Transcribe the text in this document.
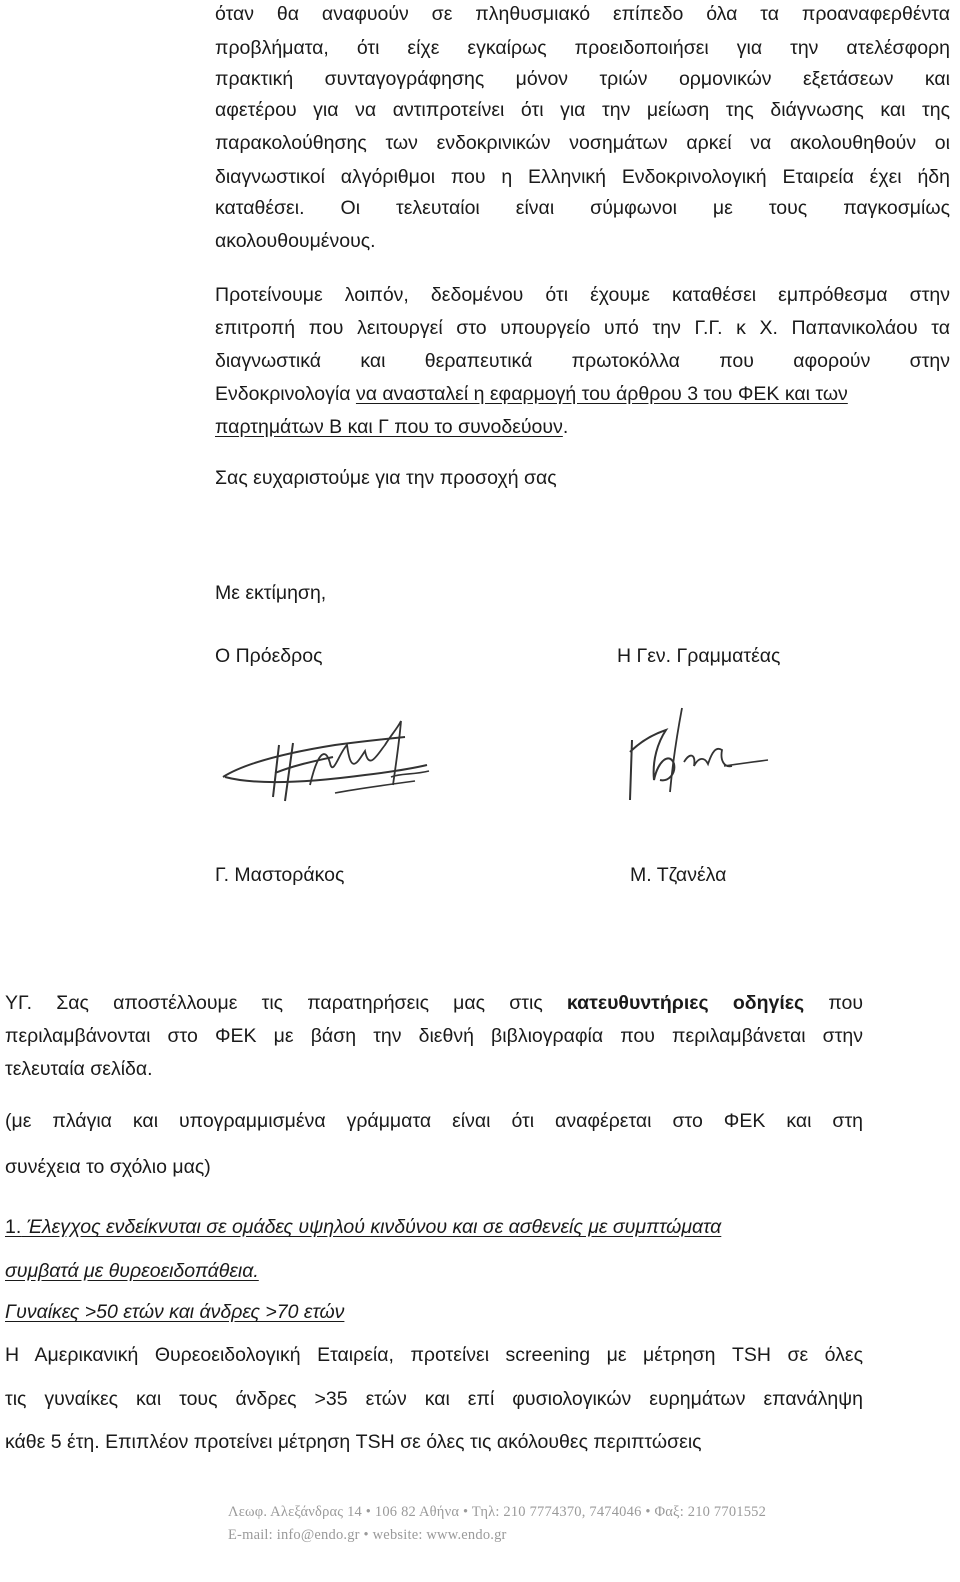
όταν θα αναφυούν σε πληθυσμιακό επίπεδο όλα τα προαναφερθέντα
προβλήματα, ότι είχε εγκαίρως προειδοποιήσει για την ατελέσφορη
πρακτική συνταγογράφησης μόνον τριών ορμονικών εξετάσεων και
αφετέρου για να αντιπροτείνει ότι για την μείωση της διάγνωσης και της
παρακολούθησης των ενδοκρινικών νοσημάτων αρκεί να ακολουθηθούν οι
διαγνωστικοί αλγόριθμοι που η Ελληνική Ενδοκρινολογική Εταιρεία έχει ήδη
καταθέσει. Οι τελευταίοι είναι σύμφωνοι με τους παγκοσμίως
ακολουθουμένους.
Προτείνουμε λοιπόν, δεδομένου ότι έχουμε καταθέσει εμπρόθεσμα στην
επιτροπή που λειτουργεί στο υπουργείο υπό την Γ.Γ. κ Χ. Παπανικολάου τα
διαγνωστικά και θεραπευτικά πρωτοκόλλα που αφορούν στην
Ενδοκρινολογία να ανασταλεί η εφαρμογή του άρθρου 3 του ΦΕΚ και των
παρτημάτων Β και Γ που το συνοδεύουν.
Σας ευχαριστούμε για την προσοχή σας
Με εκτίμηση,
Ο Πρόεδρος	Η Γεν. Γραμματέας
Γ. Μαστοράκος	Μ. Τζανέλα
ΥΓ. Σας αποστέλλουμε τις παρατηρήσεις μας στις κατευθυντήριες οδηγίες που
περιλαμβάνονται στο ΦΕΚ με βάση την διεθνή βιβλιογραφία που περιλαμβάνεται στην
τελευταία σελίδα.
(με πλάγια και υπογραμμισμένα γράμματα είναι ότι αναφέρεται στο ΦΕΚ και στη
συνέχεια το σχόλιο μας)
1. Έλεγχος ενδείκνυται σε ομάδες υψηλού κινδύνου και σε ασθενείς με συμπτώματα
συμβατά με θυρεοειδοπάθεια.
Γυναίκες >50 ετών και άνδρες >70 ετών
Η Αμερικανική Θυρεοειδολογική Εταιρεία, προτείνει screening με μέτρηση TSH σε όλες
τις γυναίκες και τους άνδρες >35 ετών και επί φυσιολογικών ευρημάτων επανάληψη
κάθε 5 έτη. Επιπλέον προτείνει μέτρηση TSH σε όλες τις ακόλουθες περιπτώσεις
Λεωφ. Αλεξάνδρας 14 • 106 82 Αθήνα • Τηλ: 210 7774370, 7474046 • Φαξ: 210 7701552
E-mail: info@endo.gr • website: www.endo.gr
